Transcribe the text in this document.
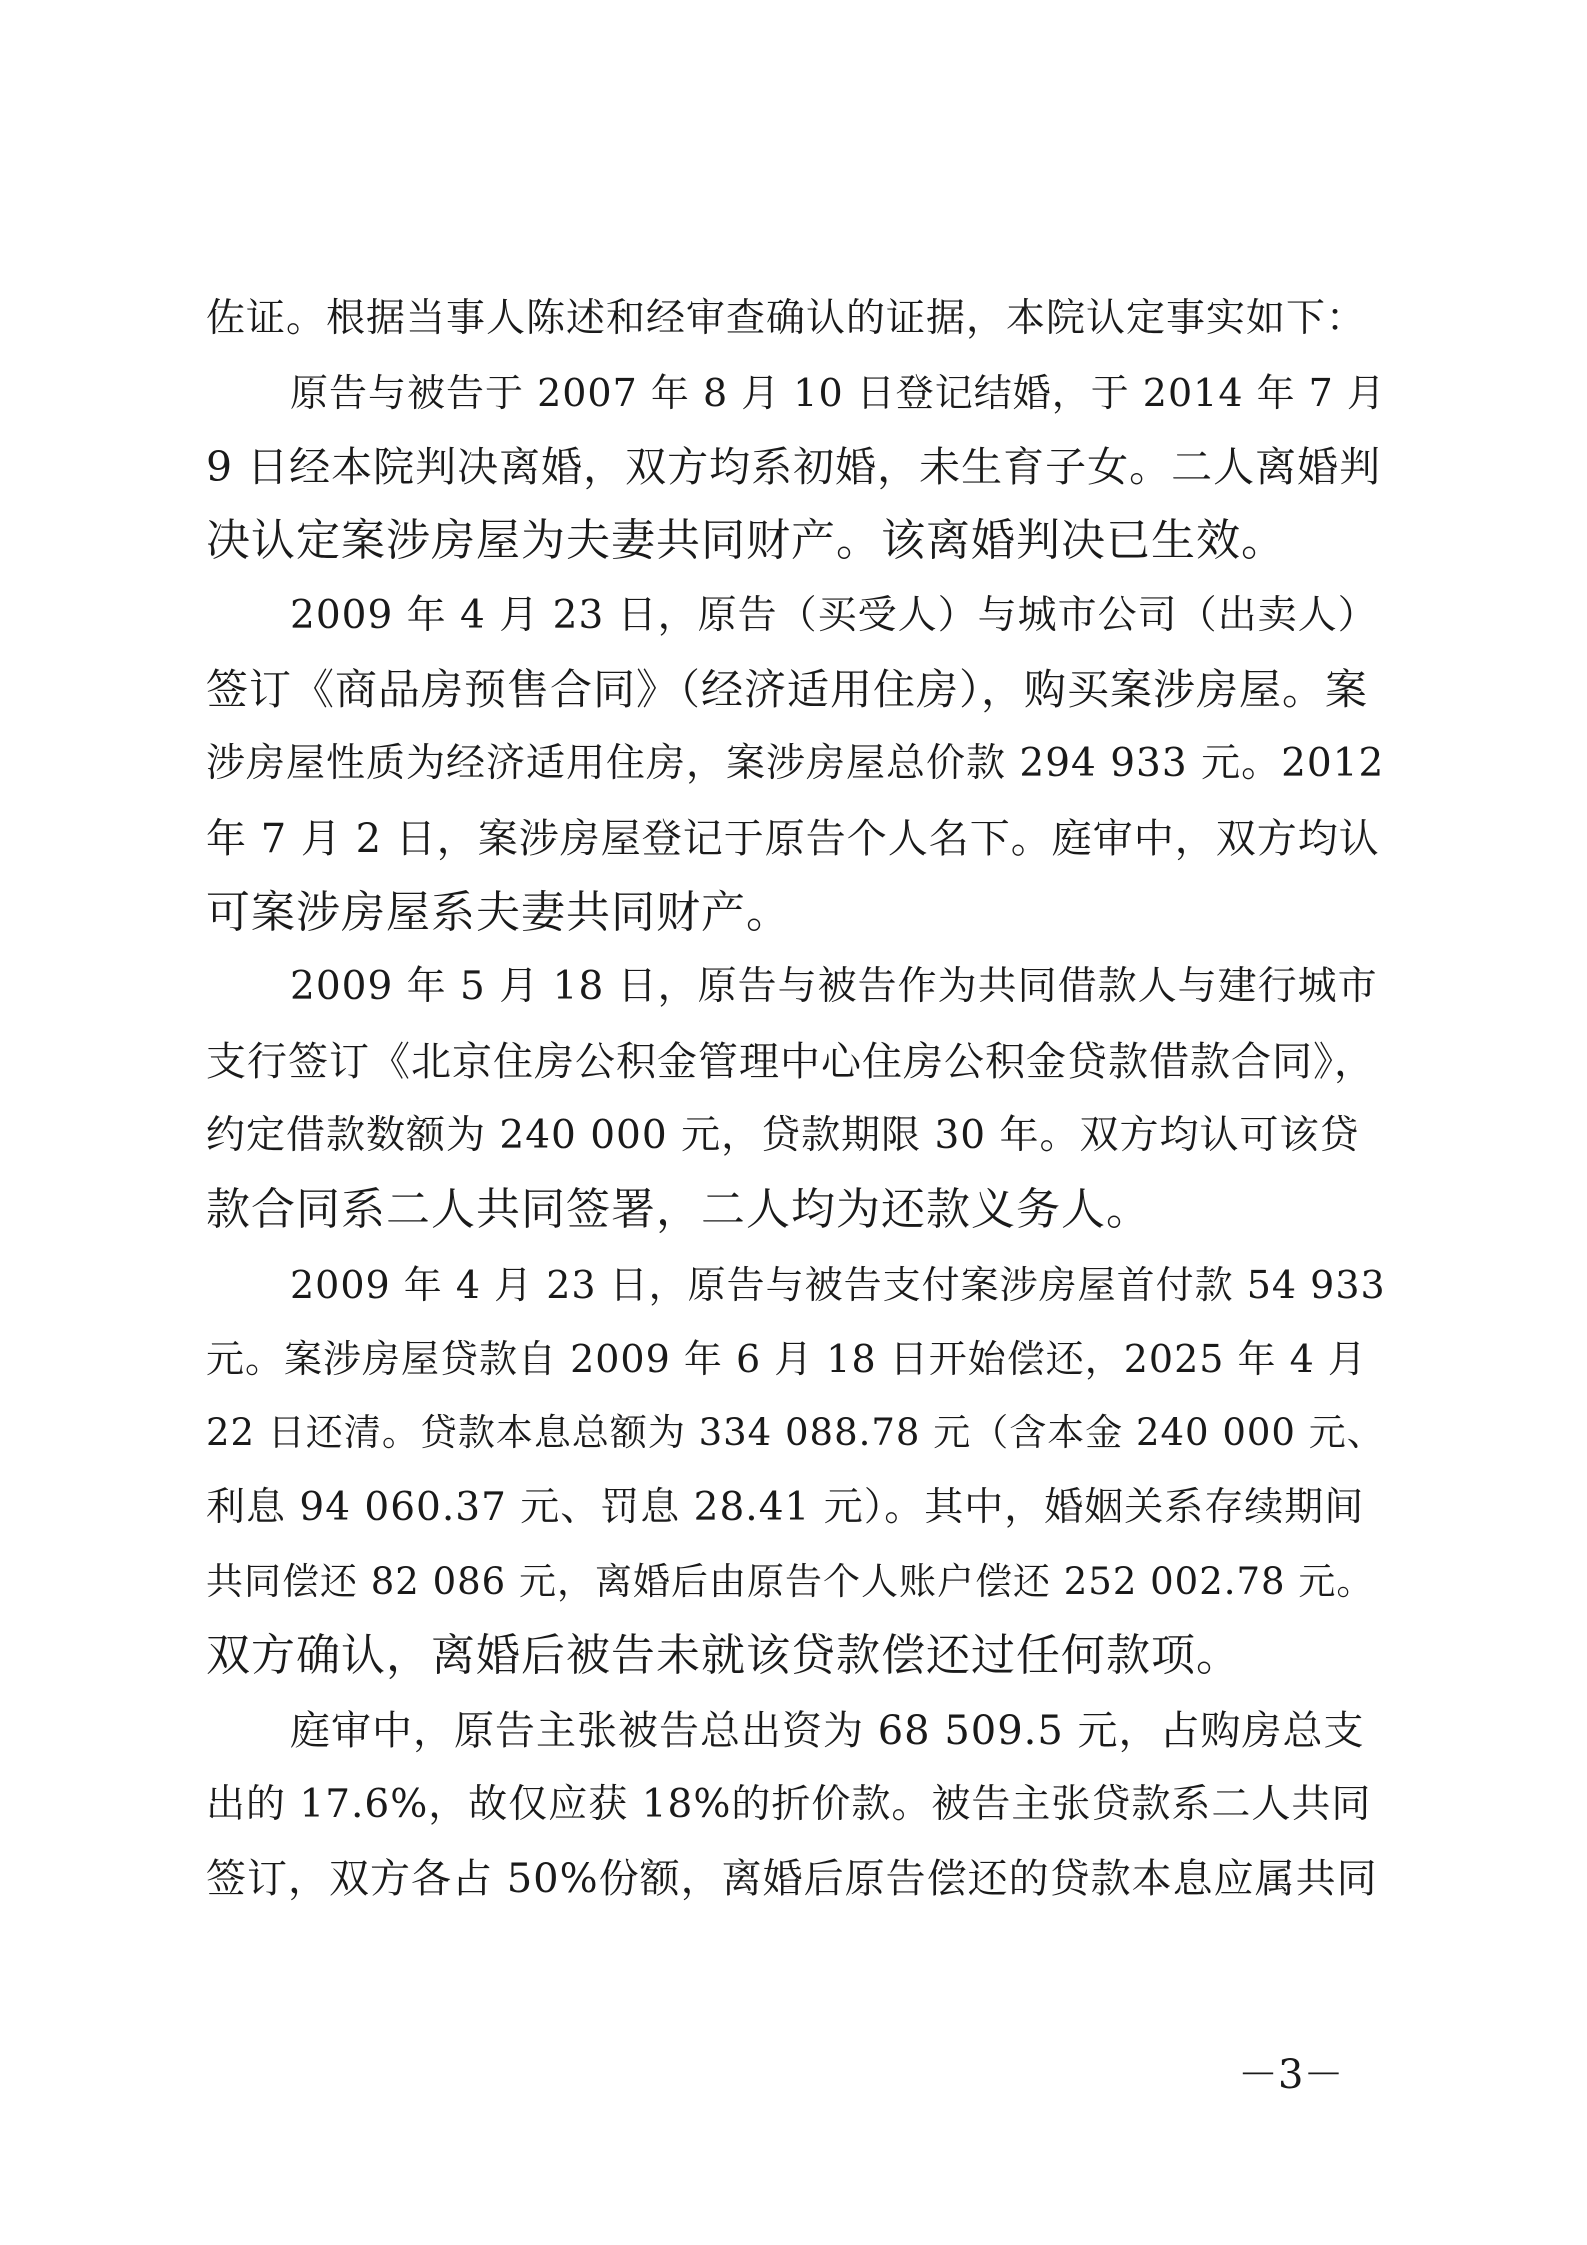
佐证。根据当事人陈述和经审查确认的证据，本院认定事实如下：
原告与被告于 2007 年 8 月 10 日登记结婚，于 2014 年 7 月
9 日经本院判决离婚，双方均系初婚，未生育子女。二人离婚判
决认定案涉房屋为夫妻共同财产。该离婚判决已生效。
2009 年 4 月 23 日，原告（买受人）与城市公司（出卖人）
签订《商品房预售合同》（经济适用住房），购买案涉房屋。案
涉房屋性质为经济适用住房，案涉房屋总价款 294 933 元。2012
年 7 月 2 日，案涉房屋登记于原告个人名下。庭审中，双方均认
可案涉房屋系夫妻共同财产。
2009 年 5 月 18 日，原告与被告作为共同借款人与建行城市
支行签订《北京住房公积金管理中心住房公积金贷款借款合同》，
约定借款数额为 240 000 元，贷款期限 30 年。双方均认可该贷
款合同系二人共同签署，二人均为还款义务人。
2009 年 4 月 23 日，原告与被告支付案涉房屋首付款 54 933
元。案涉房屋贷款自 2009 年 6 月 18 日开始偿还，2025 年 4 月
22 日还清。贷款本息总额为 334 088.78 元（含本金 240 000 元、
利息 94 060.37 元、罚息 28.41 元）。其中，婚姻关系存续期间
共同偿还 82 086 元，离婚后由原告个人账户偿还 252 002.78 元。
双方确认，离婚后被告未就该贷款偿还过任何款项。
庭审中，原告主张被告总出资为 68 509.5 元，占购房总支
出的 17.6%，故仅应获 18%的折价款。被告主张贷款系二人共同
签订，双方各占 50%份额，离婚后原告偿还的贷款本息应属共同
－3－
